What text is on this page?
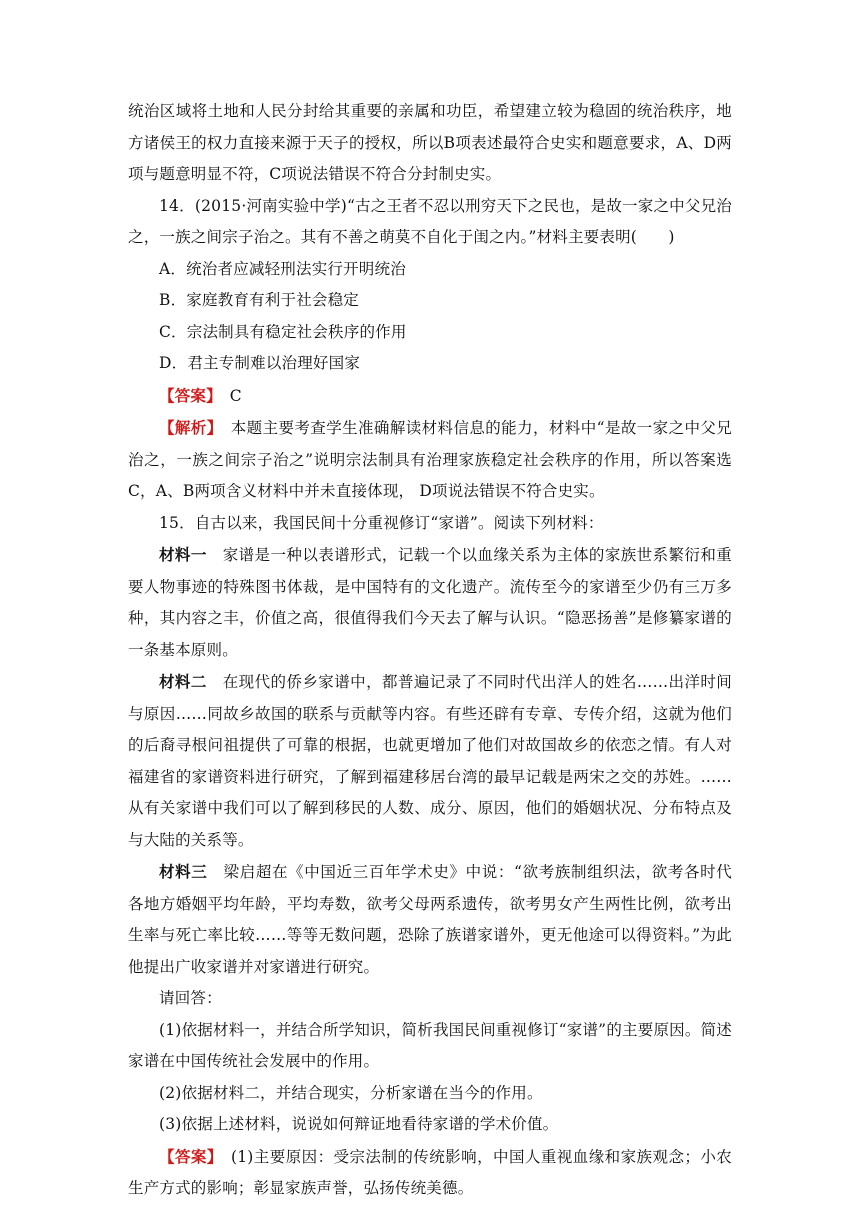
统治区域将土地和人民分封给其重要的亲属和功臣，希望建立较为稳固的统治秩序，地方诸侯王的权力直接来源于天子的授权，所以B项表述最符合史实和题意要求，A、D两项与题意明显不符，C项说法错误不符合分封制史实。

14．(2015·河南实验中学)“古之王者不忍以刑穷天下之民也，是故一家之中父兄治之，一族之间宗子治之。其有不善之萌莫不自化于闺之内。”材料主要表明(　　)

A．统治者应减轻刑法实行开明统治

B．家庭教育有利于社会稳定

C．宗法制具有稳定社会秩序的作用

D．君主专制难以治理好国家

【答案】　C

【解析】　本题主要考查学生准确解读材料信息的能力，材料中“是故一家之中父兄治之，一族之间宗子治之”说明宗法制具有治理家族稳定社会秩序的作用，所以答案选C，A、B两项含义材料中并未直接体现， D项说法错误不符合史实。

15．自古以来，我国民间十分重视修订“家谱”。阅读下列材料：

材料一　家谱是一种以表谱形式，记载一个以血缘关系为主体的家族世系繁衍和重要人物事迹的特殊图书体裁，是中国特有的文化遗产。流传至今的家谱至少仍有三万多种，其内容之丰，价值之高，很值得我们今天去了解与认识。“隐恶扬善”是修纂家谱的一条基本原则。

材料二　在现代的侨乡家谱中，都普遍记录了不同时代出洋人的姓名……出洋时间与原因……同故乡故国的联系与贡献等内容。有些还辟有专章、专传介绍，这就为他们的后裔寻根问祖提供了可靠的根据，也就更增加了他们对故国故乡的依恋之情。有人对福建省的家谱资料进行研究，了解到福建移居台湾的最早记载是两宋之交的苏姓。……从有关家谱中我们可以了解到移民的人数、成分、原因，他们的婚姻状况、分布特点及与大陆的关系等。

材料三　梁启超在《中国近三百年学术史》中说：“欲考族制组织法，欲考各时代各地方婚姻平均年龄，平均寿数，欲考父母两系遗传，欲考男女产生两性比例，欲考出生率与死亡率比较……等等无数问题，恐除了族谱家谱外，更无他途可以得资料。”为此他提出广收家谱并对家谱进行研究。

请回答：

(1)依据材料一，并结合所学知识，简析我国民间重视修订“家谱”的主要原因。简述家谱在中国传统社会发展中的作用。

(2)依据材料二，并结合现实，分析家谱在当今的作用。

(3)依据上述材料，说说如何辩证地看待家谱的学术价值。

【答案】　(1)主要原因：受宗法制的传统影响，中国人重视血缘和家族观念；小农生产方式的影响；彰显家族声誉，弘扬传统美德。
